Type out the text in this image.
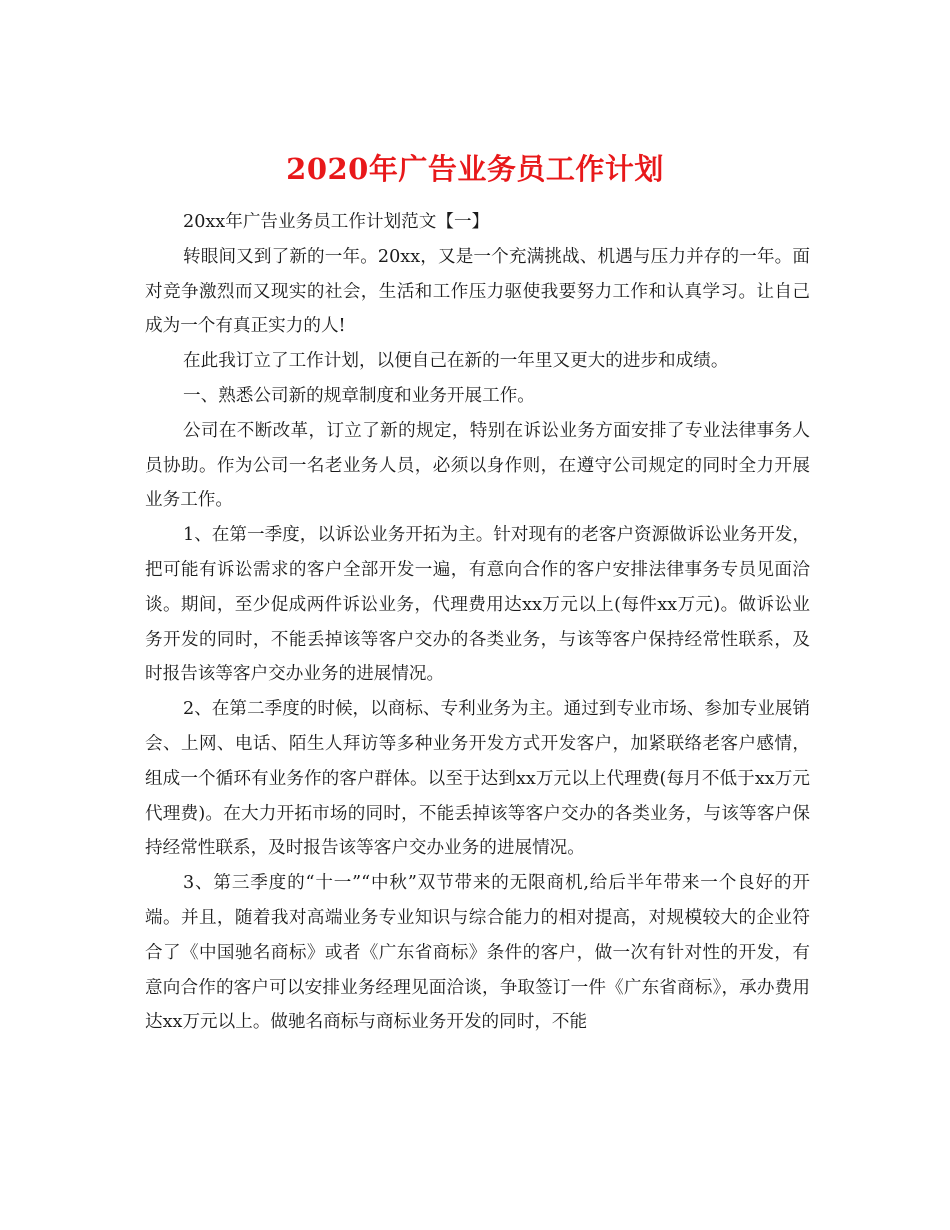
2020年广告业务员工作计划

20xx年广告业务员工作计划范文【一】

转眼间又到了新的一年。20xx，又是一个充满挑战、机遇与压力并存的一年。面对竞争激烈而又现实的社会，生活和工作压力驱使我要努力工作和认真学习。让自己成为一个有真正实力的人!

在此我订立了工作计划，以便自己在新的一年里又更大的进步和成绩。

一、熟悉公司新的规章制度和业务开展工作。

公司在不断改革，订立了新的规定，特别在诉讼业务方面安排了专业法律事务人员协助。作为公司一名老业务人员，必须以身作则，在遵守公司规定的同时全力开展业务工作。

1、在第一季度，以诉讼业务开拓为主。针对现有的老客户资源做诉讼业务开发，把可能有诉讼需求的客户全部开发一遍，有意向合作的客户安排法律事务专员见面洽谈。期间，至少促成两件诉讼业务，代理费用达xx万元以上(每件xx万元)。做诉讼业务开发的同时，不能丢掉该等客户交办的各类业务，与该等客户保持经常性联系，及时报告该等客户交办业务的进展情况。

2、在第二季度的时候，以商标、专利业务为主。通过到专业市场、参加专业展销会、上网、电话、陌生人拜访等多种业务开发方式开发客户，加紧联络老客户感情，组成一个循环有业务作的客户群体。以至于达到xx万元以上代理费(每月不低于xx万元代理费)。在大力开拓市场的同时，不能丢掉该等客户交办的各类业务，与该等客户保持经常性联系，及时报告该等客户交办业务的进展情况。

3、第三季度的“十一”“中秋”双节带来的无限商机,给后半年带来一个良好的开端。并且，随着我对高端业务专业知识与综合能力的相对提高，对规模较大的企业符合了《中国驰名商标》或者《广东省商标》条件的客户，做一次有针对性的开发，有意向合作的客户可以安排业务经理见面洽谈，争取签订一件《广东省商标》，承办费用达xx万元以上。做驰名商标与商标业务开发的同时，不能
